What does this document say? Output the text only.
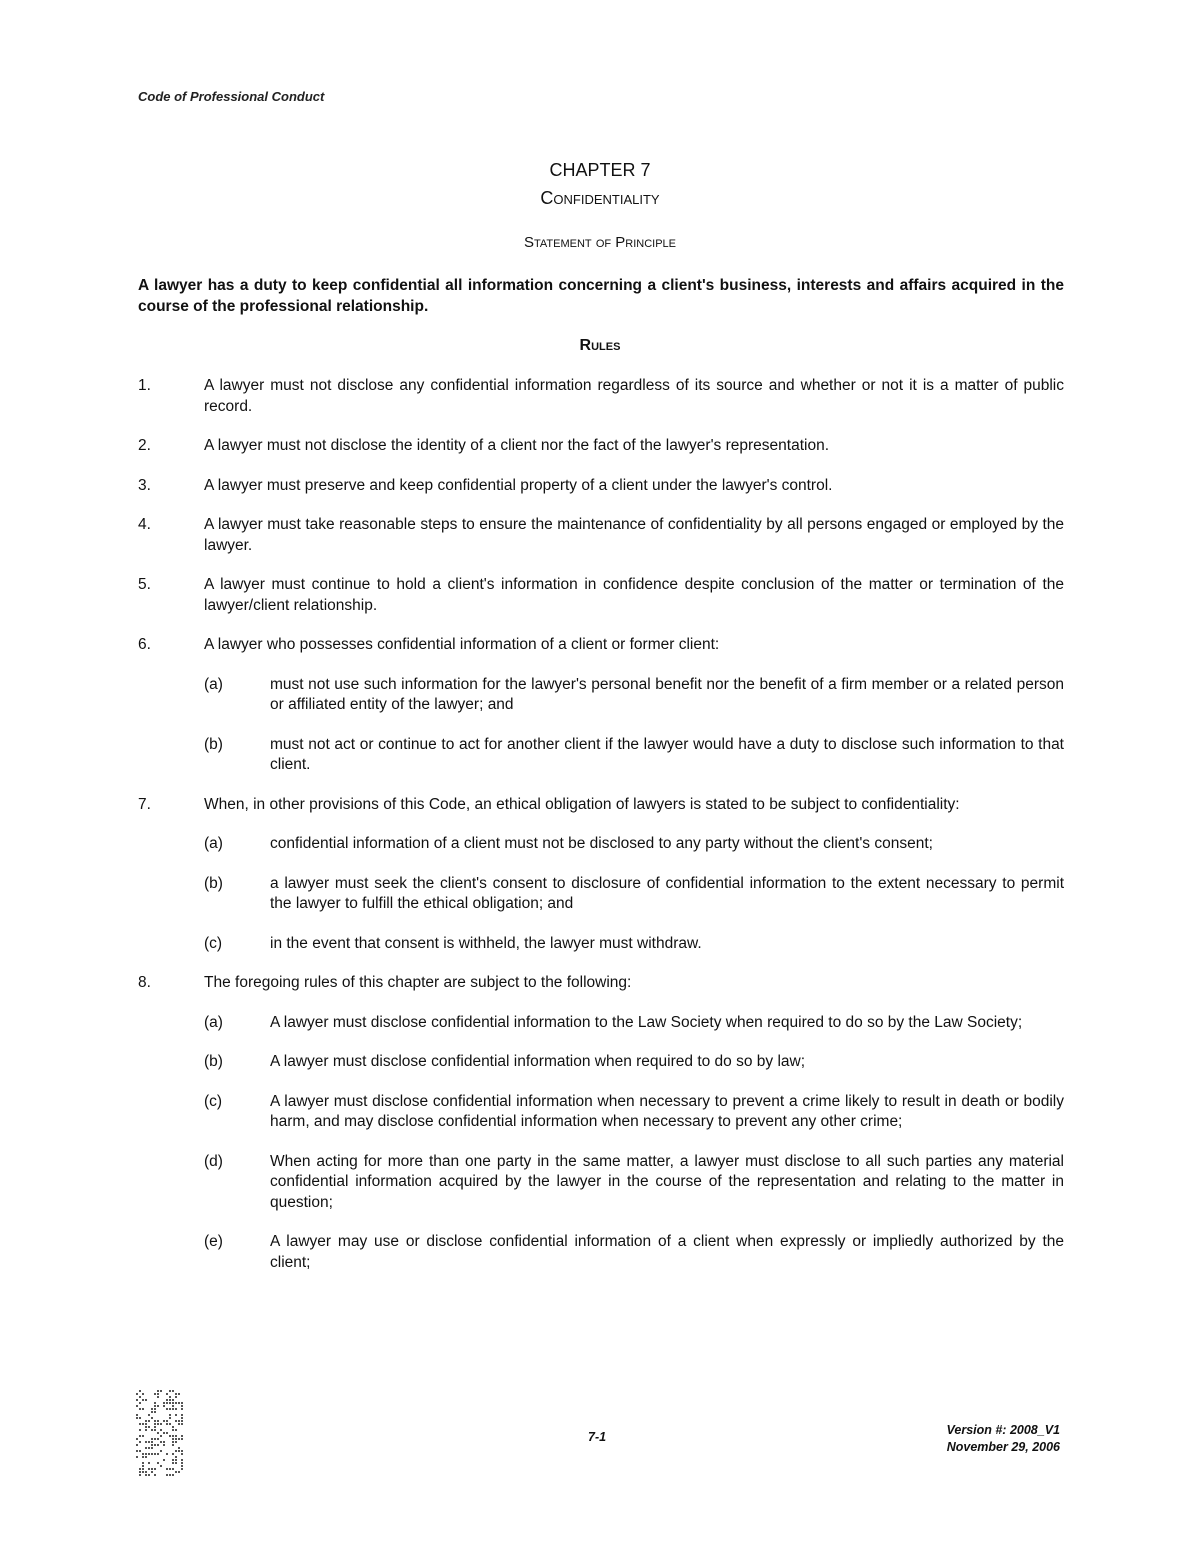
Code of Professional Conduct
CHAPTER 7
Confidentiality
Statement of Principle
A lawyer has a duty to keep confidential all information concerning a client's business, interests and affairs acquired in the course of the professional relationship.
Rules
1.	A lawyer must not disclose any confidential information regardless of its source and whether or not it is a matter of public record.
2.	A lawyer must not disclose the identity of a client nor the fact of the lawyer's representation.
3.	A lawyer must preserve and keep confidential property of a client under the lawyer's control.
4.	A lawyer must take reasonable steps to ensure the maintenance of confidentiality by all persons engaged or employed by the lawyer.
5.	A lawyer must continue to hold a client's information in confidence despite conclusion of the matter or termination of the lawyer/client relationship.
6.	A lawyer who possesses confidential information of a client or former client:
(a)	must not use such information for the lawyer's personal benefit nor the benefit of a firm member or a related person or affiliated entity of the lawyer; and
(b)	must not act or continue to act for another client if the lawyer would have a duty to disclose such information to that client.
7.	When, in other provisions of this Code, an ethical obligation of lawyers is stated to be subject to confidentiality:
(a)	confidential information of a client must not be disclosed to any party without the client's consent;
(b)	a lawyer must seek the client's consent to disclosure of confidential information to the extent necessary to permit the lawyer to fulfill the ethical obligation; and
(c)	in the event that consent is withheld, the lawyer must withdraw.
8.	The foregoing rules of this chapter are subject to the following:
(a)	A lawyer must disclose confidential information to the Law Society when required to do so by the Law Society;
(b)	A lawyer must disclose confidential information when required to do so by law;
(c)	A lawyer must disclose confidential information when necessary to prevent a crime likely to result in death or bodily harm, and may disclose confidential information when necessary to prevent any other crime;
(d)	When acting for more than one party in the same matter, a lawyer must disclose to all such parties any material confidential information acquired by the lawyer in the course of the representation and relating to the matter in question;
(e)	A lawyer may use or disclose confidential information of a client when expressly or impliedly authorized by the client;
7-1	Version #: 2008_V1
November 29, 2006
